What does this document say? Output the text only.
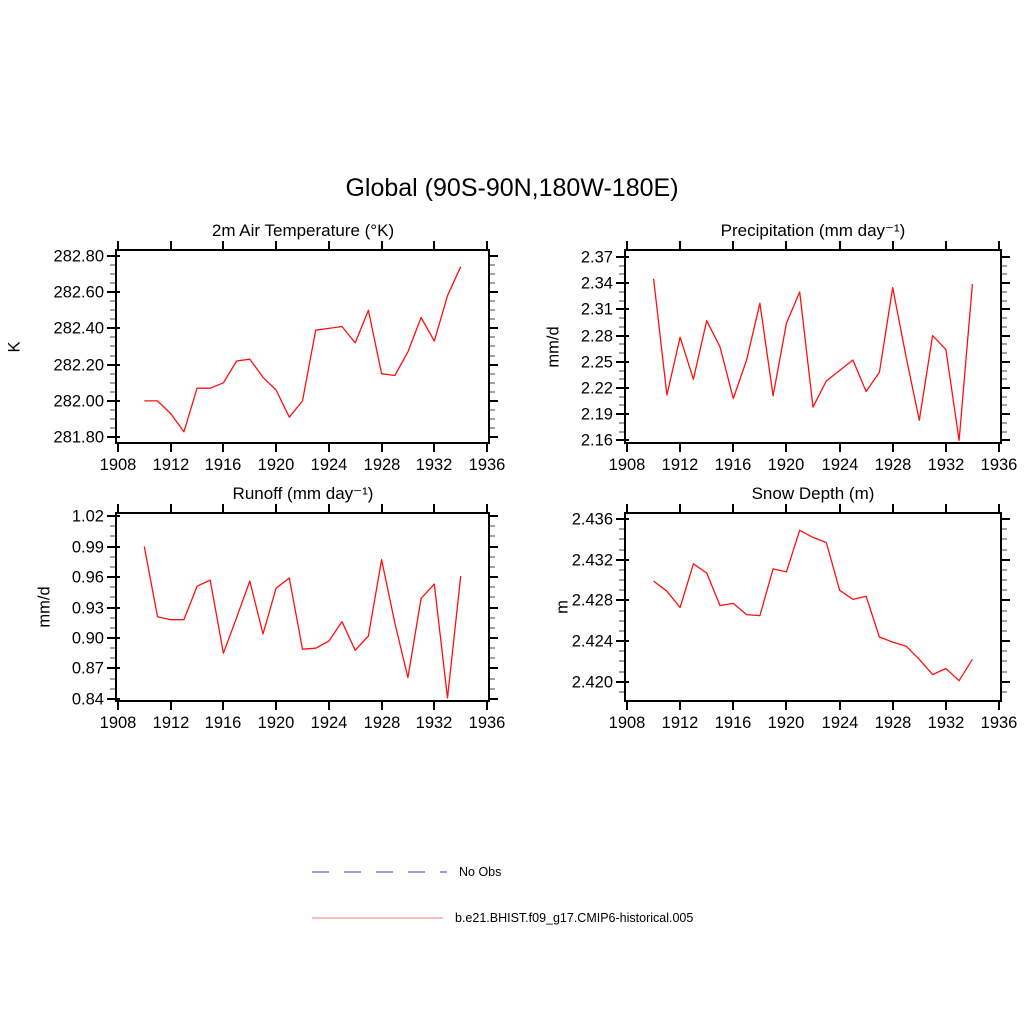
Global (90S-90N,180W-180E)
1908 1912 1916 1920 1924 1928 1932 1936
281.80
282.00
282.20
282.40
282.60
282.80
1908 1912 1916 1920 1924 1928 1932 1936
2.16
2.19
2.22
2.25
2.28
2.31
2.34
2.37
1908 1912 1916 1920 1924 1928 1932 1936
0.84
0.87
0.90
0.93
0.96
0.99
1.02
1908 1912 1916 1920 1924 1928 1932 1936
2.420
2.424
2.428
2.432
2.436
2m Air Temperature (°K)
K
Precipitation (mm day⁻¹)
mm/d
Runoff (mm day⁻¹)
mm/d
Snow Depth (m)
m
No Obs
b.e21.BHIST.f09_g17.CMIP6-historical.005
